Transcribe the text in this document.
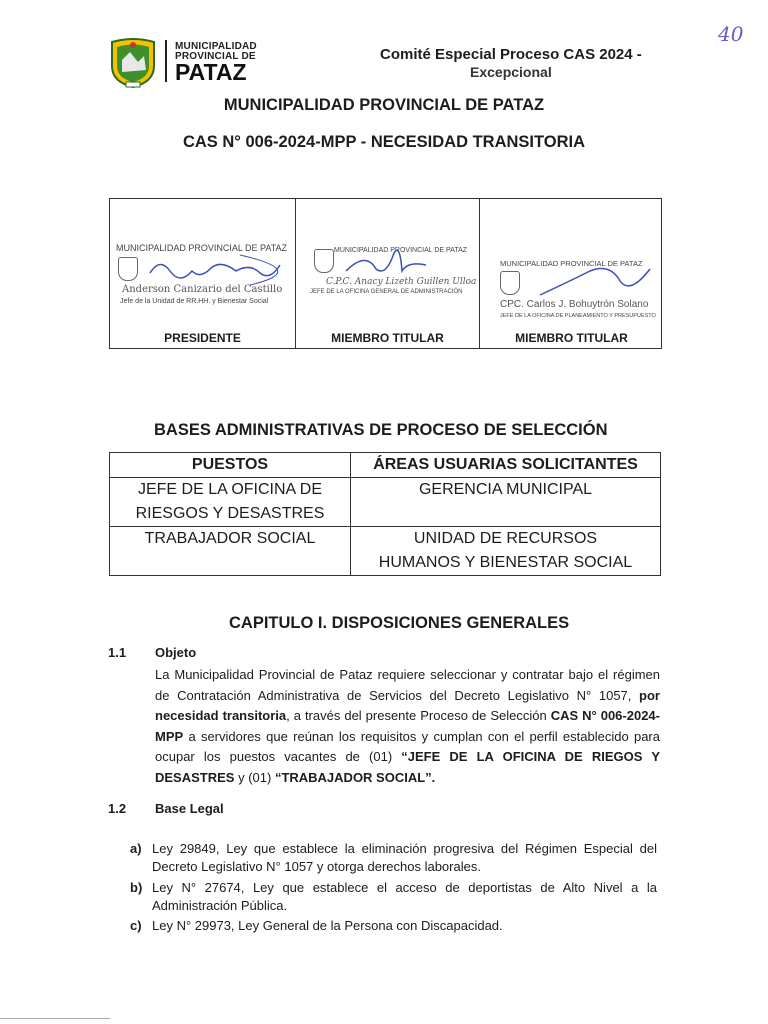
MUNICIPALIDAD
PROVINCIAL DE
PATAZ
Comité Especial Proceso CAS 2024 -
Excepcional
40
MUNICIPALIDAD PROVINCIAL DE PATAZ
CAS N° 006-2024-MPP - NECESIDAD TRANSITORIA
MUNICIPALIDAD PROVINCIAL DE PATAZ
Anderson Canizario del Castillo
Jefe de la Unidad de RR.HH. y Bienestar Social
PRESIDENTE
MUNICIPALIDAD PROVINCIAL DE PATAZ
C.P.C. Anacy Lizeth Guillen Ulloa
JEFE DE LA OFICINA GENERAL DE ADMINISTRACIÓN
MIEMBRO TITULAR
MUNICIPALIDAD PROVINCIAL DE PATAZ
CPC. Carlos J. Bohuytrón Solano
JEFE DE LA OFICINA DE PLANEAMIENTO Y PRESUPUESTO
MIEMBRO TITULAR
BASES ADMINISTRATIVAS DE PROCESO DE SELECCIÓN
PUESTOS	ÁREAS USUARIAS SOLICITANTES

JEFE DE LA OFICINA DE
RIESGOS Y DESASTRES	GERENCIA MUNICIPAL

TRABAJADOR SOCIAL	UNIDAD DE RECURSOS
HUMANOS Y BIENESTAR SOCIAL
CAPITULO I. DISPOSICIONES GENERALES
1.1 Objeto
La Municipalidad Provincial de Pataz requiere seleccionar y contratar bajo el régimen de Contratación Administrativa de Servicios del Decreto Legislativo N° 1057, por necesidad transitoria, a través del presente Proceso de Selección CAS N° 006-2024-MPP a servidores que reúnan los requisitos y cumplan con el perfil establecido para ocupar los puestos vacantes de (01) “JEFE DE LA OFICINA DE RIEGOS Y DESASTRES y (01) “TRABAJADOR SOCIAL”.
1.2 Base Legal
a) Ley 29849, Ley que establece la eliminación progresiva del Régimen Especial del Decreto Legislativo N° 1057 y otorga derechos laborales.
b) Ley N° 27674, Ley que establece el acceso de deportistas de Alto Nivel a la Administración Pública.
c) Ley N° 29973, Ley General de la Persona con Discapacidad.
